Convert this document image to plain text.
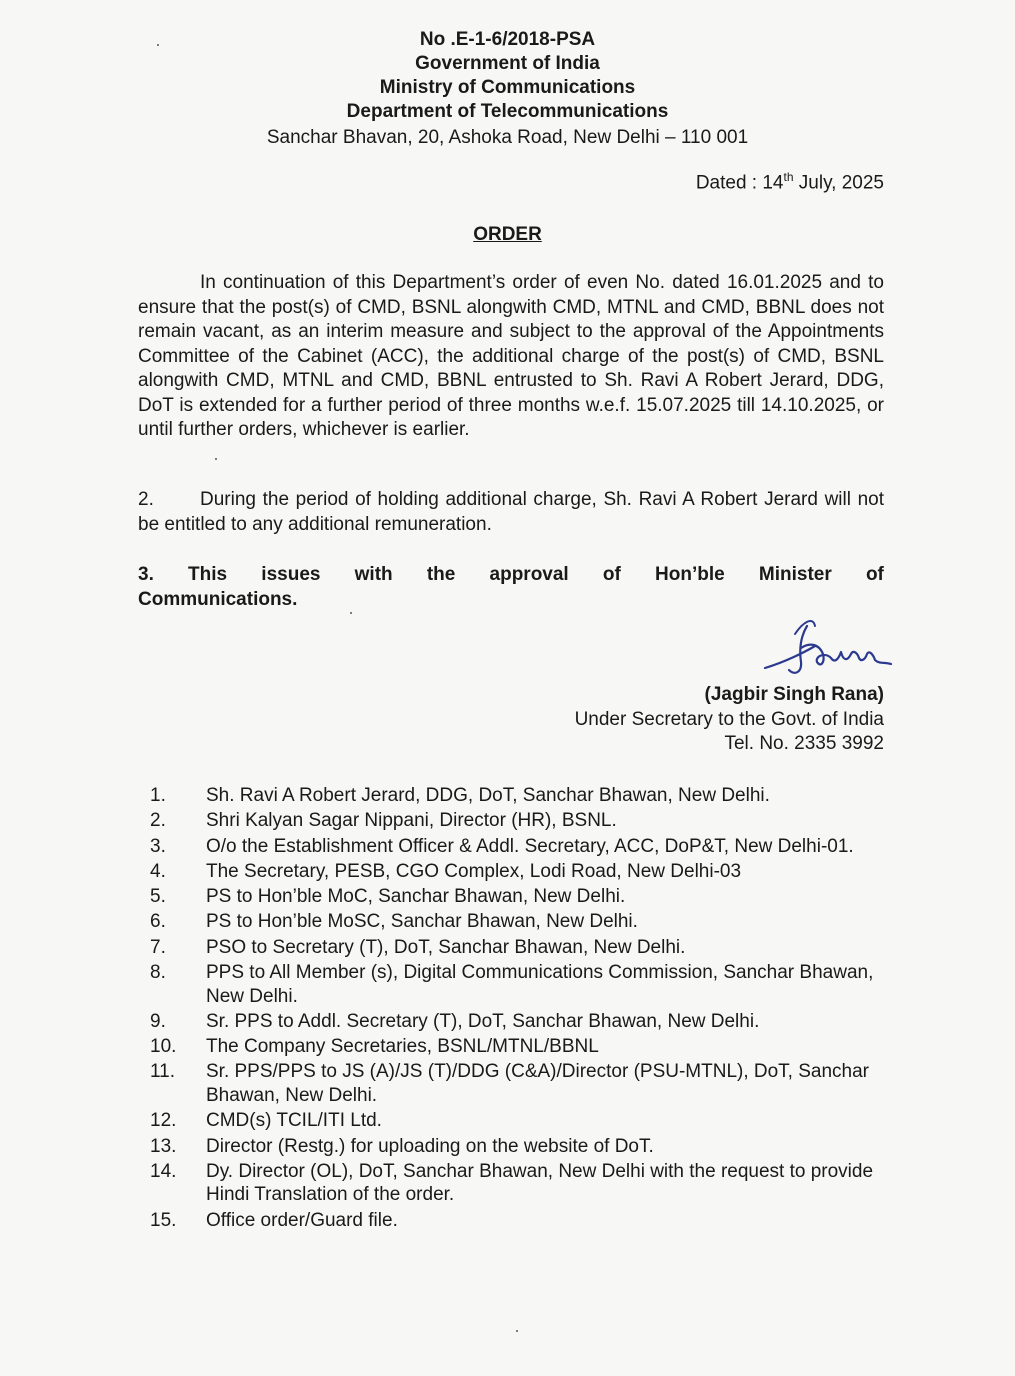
No .E-1-6/2018-PSA
Government of India
Ministry of Communications
Department of Telecommunications
Sanchar Bhavan, 20, Ashoka Road, New Delhi – 110 001
Dated : 14th July, 2025
ORDER
In continuation of this Department’s order of even No. dated 16.01.2025 and to ensure that the post(s) of CMD, BSNL alongwith CMD, MTNL and CMD, BBNL does not remain vacant, as an interim measure and subject to the approval of the Appointments Committee of the Cabinet (ACC), the additional charge of the post(s) of CMD, BSNL alongwith CMD, MTNL and CMD, BBNL entrusted to Sh. Ravi A Robert Jerard, DDG, DoT is extended for a further period of three months w.e.f. 15.07.2025 till 14.10.2025, or until further orders, whichever is earlier.
2. During the period of holding additional charge, Sh. Ravi A Robert Jerard will not be entitled to any additional remuneration.
3. This issues with the approval of Hon’ble Minister of
Communications.
(Jagbir Singh Rana)
Under Secretary to the Govt. of India
Tel. No. 2335 3992
1.	Sh. Ravi A Robert Jerard, DDG, DoT, Sanchar Bhawan, New Delhi.
2.	Shri Kalyan Sagar Nippani, Director (HR), BSNL.
3.	O/o the Establishment Officer & Addl. Secretary, ACC, DoP&T, New Delhi-01.
4.	The Secretary, PESB, CGO Complex, Lodi Road, New Delhi-03
5.	PS to Hon’ble MoC, Sanchar Bhawan, New Delhi.
6.	PS to Hon’ble MoSC, Sanchar Bhawan, New Delhi.
7.	PSO to Secretary (T), DoT, Sanchar Bhawan, New Delhi.
8.	PPS to All Member (s), Digital Communications Commission, Sanchar Bhawan, New Delhi.
9.	Sr. PPS to Addl. Secretary (T), DoT, Sanchar Bhawan, New Delhi.
10.	The Company Secretaries, BSNL/MTNL/BBNL
11.	Sr. PPS/PPS to JS (A)/JS (T)/DDG (C&A)/Director (PSU-MTNL), DoT, Sanchar Bhawan, New Delhi.
12.	CMD(s) TCIL/ITI Ltd.
13.	Director (Restg.) for uploading on the website of DoT.
14.	Dy. Director (OL), DoT, Sanchar Bhawan, New Delhi with the request to provide Hindi Translation of the order.
15.	Office order/Guard file.
